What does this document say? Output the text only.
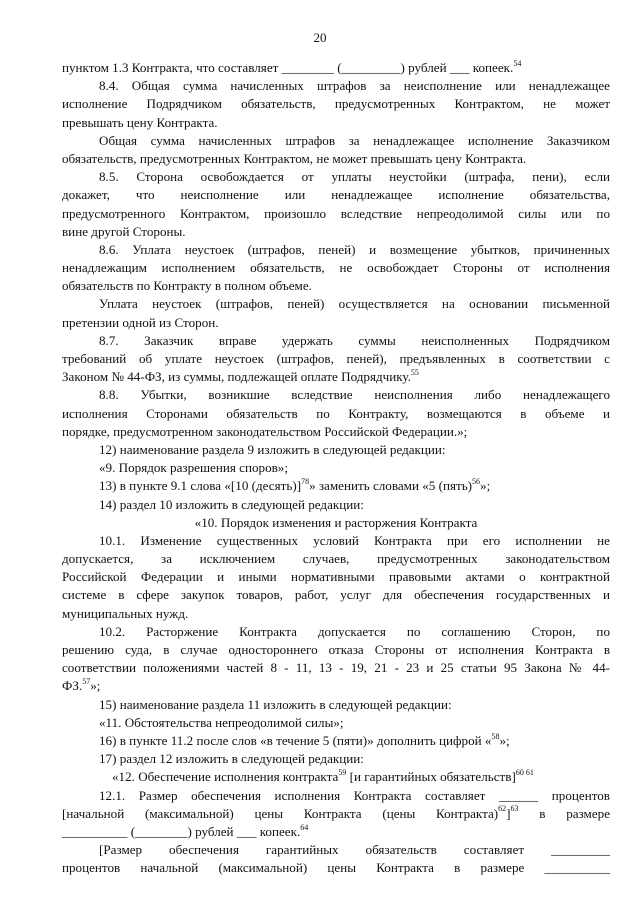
20
пунктом 1.3 Контракта, что составляет ________ (_________) рублей ___ копеек.$^{54}$
8.4. Общая сумма начисленных штрафов за неисполнение или ненадлежащее
исполнение Подрядчиком обязательств, предусмотренных Контрактом, не может
превышать цену Контракта.
Общая сумма начисленных штрафов за ненадлежащее исполнение Заказчиком
обязательств, предусмотренных Контрактом, не может превышать цену Контракта.
8.5. Сторона освобождается от уплаты неустойки (штрафа, пени), если
докажет, что неисполнение или ненадлежащее исполнение обязательства,
предусмотренного Контрактом, произошло вследствие непреодолимой силы или по
вине другой Стороны.
8.6. Уплата неустоек (штрафов, пеней) и возмещение убытков, причиненных
ненадлежащим исполнением обязательств, не освобождает Стороны от исполнения
обязательств по Контракту в полном объеме.
Уплата неустоек (штрафов, пеней) осуществляется на основании письменной
претензии одной из Сторон.
8.7. Заказчик вправе удержать суммы неисполненных Подрядчиком
требований об уплате неустоек (штрафов, пеней), предъявленных в соответствии с
Законом № 44-ФЗ, из суммы, подлежащей оплате Подрядчику.$^{55}$
8.8. Убытки, возникшие вследствие неисполнения либо ненадлежащего
исполнения Сторонами обязательств по Контракту, возмещаются в объеме и
порядке, предусмотренном законодательством Российской Федерации.»;
12) наименование раздела 9 изложить в следующей редакции:
«9. Порядок разрешения споров»;
13) в пункте 9.1 слова «[10 (десять)]$^{78}$» заменить словами «5 (пять)$^{56}$»;
14) раздел 10 изложить в следующей редакции:
«10. Порядок изменения и расторжения Контракта
10.1. Изменение существенных условий Контракта при его исполнении не
допускается, за исключением случаев, предусмотренных законодательством
Российской Федерации и иными нормативными правовыми актами о контрактной
системе в сфере закупок товаров, работ, услуг для обеспечения государственных и
муниципальных нужд.
10.2. Расторжение Контракта допускается по соглашению Сторон, по
решению суда, в случае одностороннего отказа Стороны от исполнения Контракта в
соответствии положениями частей 8 - 11, 13 - 19, 21 - 23 и 25 статьи 95 Закона № 44-
ФЗ.$^{57}$»;
15) наименование раздела 11 изложить в следующей редакции:
«11. Обстоятельства непреодолимой силы»;
16) в пункте 11.2 после слов «в течение 5 (пяти)» дополнить цифрой «$^{58}$»;
17) раздел 12 изложить в следующей редакции:
«12. Обеспечение исполнения контракта$^{59}$ [и гарантийных обязательств]$^{60 61}$
12.1. Размер обеспечения исполнения Контракта составляет ______ процентов
[начальной (максимальной) цены Контракта (цены Контракта)$^{62}$]$^{63}$ в размере
__________ (________) рублей ___ копеек.$^{64}$
[Размер обеспечения гарантийных обязательств составляет _________
процентов начальной (максимальной) цены Контракта в размере __________
